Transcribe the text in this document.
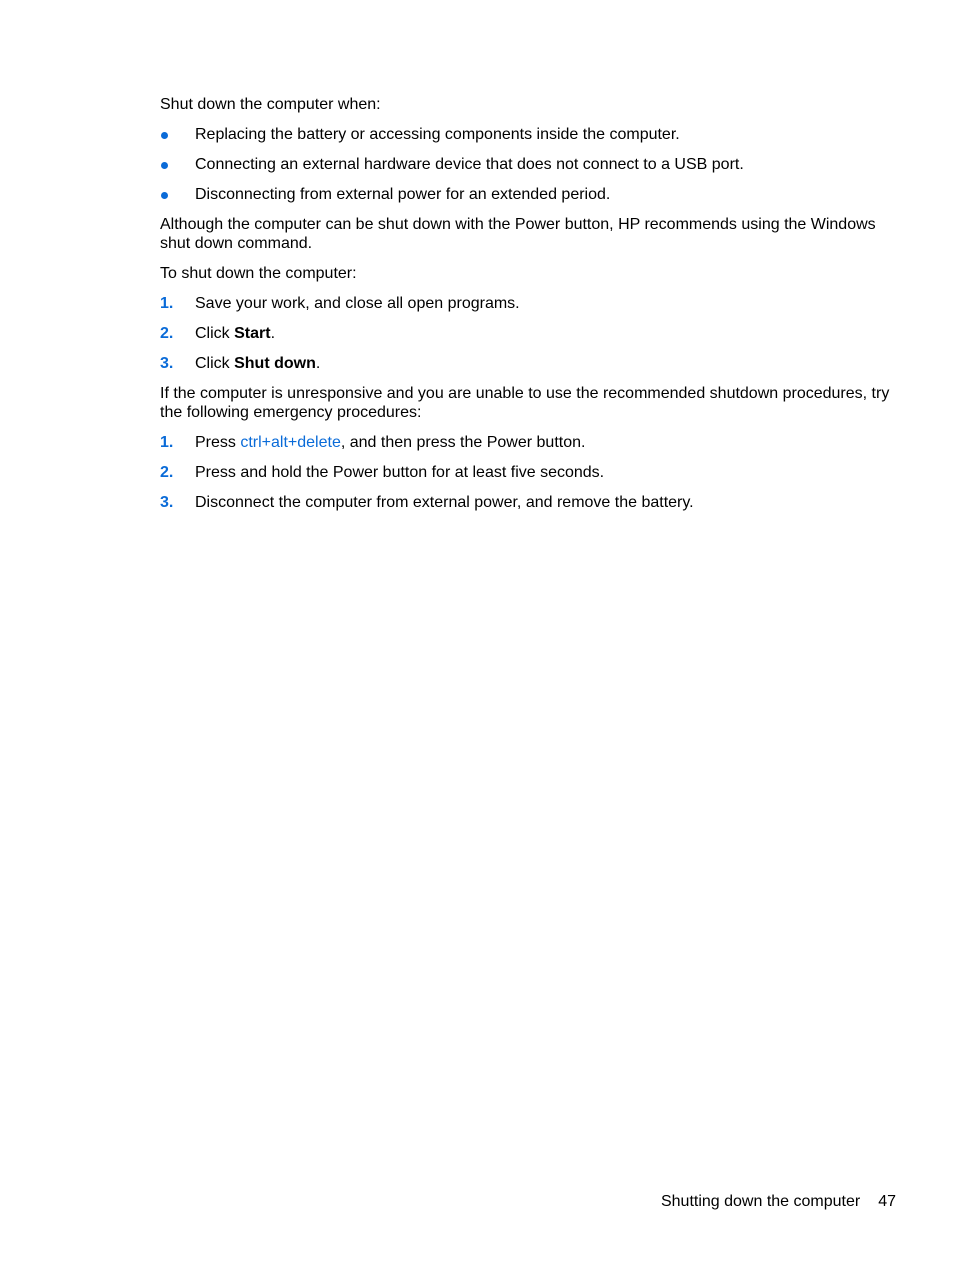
Shut down the computer when:

Replacing the battery or accessing components inside the computer.
Connecting an external hardware device that does not connect to a USB port.
Disconnecting from external power for an extended period.

Although the computer can be shut down with the Power button, HP recommends using the Windows shut down command.

To shut down the computer:

1. Save your work, and close all open programs.
2. Click Start.
3. Click Shut down.

If the computer is unresponsive and you are unable to use the recommended shutdown procedures, try the following emergency procedures:

1. Press ctrl+alt+delete, and then press the Power button.
2. Press and hold the Power button for at least five seconds.
3. Disconnect the computer from external power, and remove the battery.
Shutting down the computer 47
